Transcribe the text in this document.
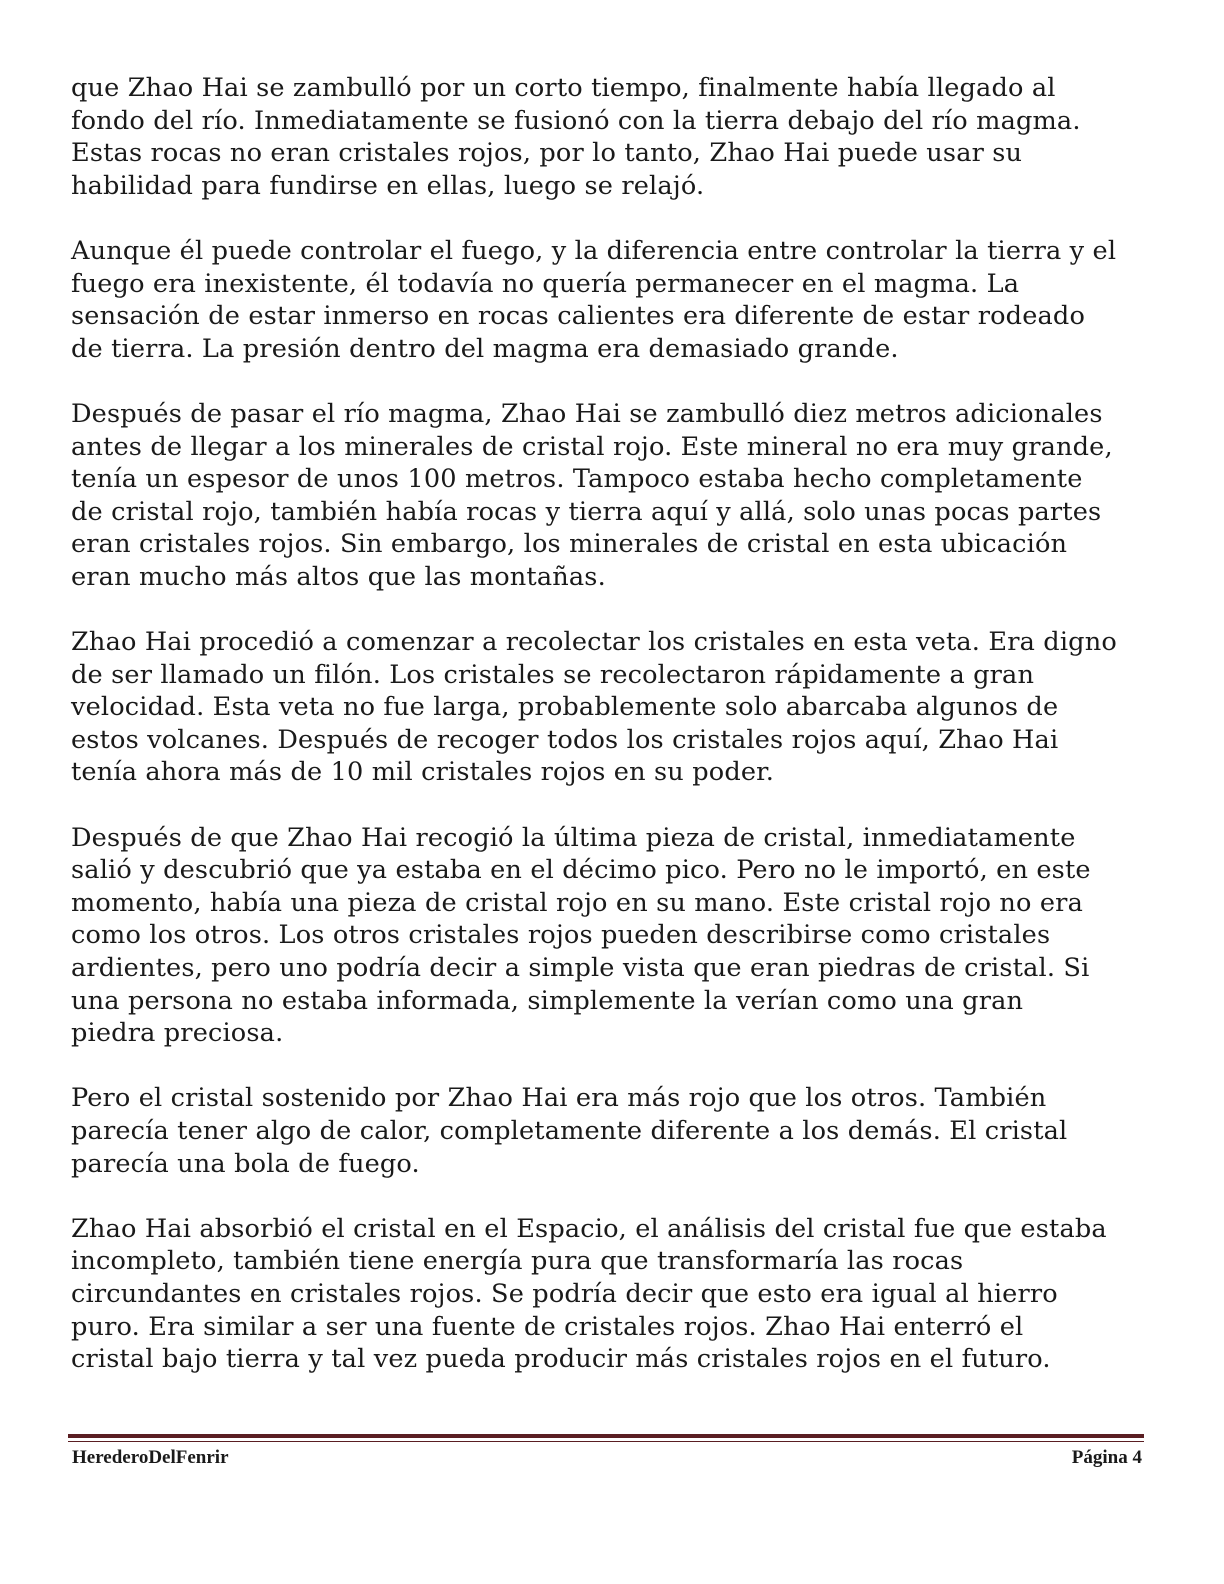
que Zhao Hai se zambulló por un corto tiempo, finalmente había llegado al
fondo del río. Inmediatamente se fusionó con la tierra debajo del río magma.
Estas rocas no eran cristales rojos, por lo tanto, Zhao Hai puede usar su
habilidad para fundirse en ellas, luego se relajó.

Aunque él puede controlar el fuego, y la diferencia entre controlar la tierra y el
fuego era inexistente, él todavía no quería permanecer en el magma. La
sensación de estar inmerso en rocas calientes era diferente de estar rodeado
de tierra. La presión dentro del magma era demasiado grande.

Después de pasar el río magma, Zhao Hai se zambulló diez metros adicionales
antes de llegar a los minerales de cristal rojo. Este mineral no era muy grande,
tenía un espesor de unos 100 metros. Tampoco estaba hecho completamente
de cristal rojo, también había rocas y tierra aquí y allá, solo unas pocas partes
eran cristales rojos. Sin embargo, los minerales de cristal en esta ubicación
eran mucho más altos que las montañas.

Zhao Hai procedió a comenzar a recolectar los cristales en esta veta. Era digno
de ser llamado un filón. Los cristales se recolectaron rápidamente a gran
velocidad. Esta veta no fue larga, probablemente solo abarcaba algunos de
estos volcanes. Después de recoger todos los cristales rojos aquí, Zhao Hai
tenía ahora más de 10 mil cristales rojos en su poder.

Después de que Zhao Hai recogió la última pieza de cristal, inmediatamente
salió y descubrió que ya estaba en el décimo pico. Pero no le importó, en este
momento, había una pieza de cristal rojo en su mano. Este cristal rojo no era
como los otros. Los otros cristales rojos pueden describirse como cristales
ardientes, pero uno podría decir a simple vista que eran piedras de cristal. Si
una persona no estaba informada, simplemente la verían como una gran
piedra preciosa.

Pero el cristal sostenido por Zhao Hai era más rojo que los otros. También
parecía tener algo de calor, completamente diferente a los demás. El cristal
parecía una bola de fuego.

Zhao Hai absorbió el cristal en el Espacio, el análisis del cristal fue que estaba
incompleto, también tiene energía pura que transformaría las rocas
circundantes en cristales rojos. Se podría decir que esto era igual al hierro
puro. Era similar a ser una fuente de cristales rojos. Zhao Hai enterró el
cristal bajo tierra y tal vez pueda producir más cristales rojos en el futuro.

HerederoDelFenrir	Página 4
